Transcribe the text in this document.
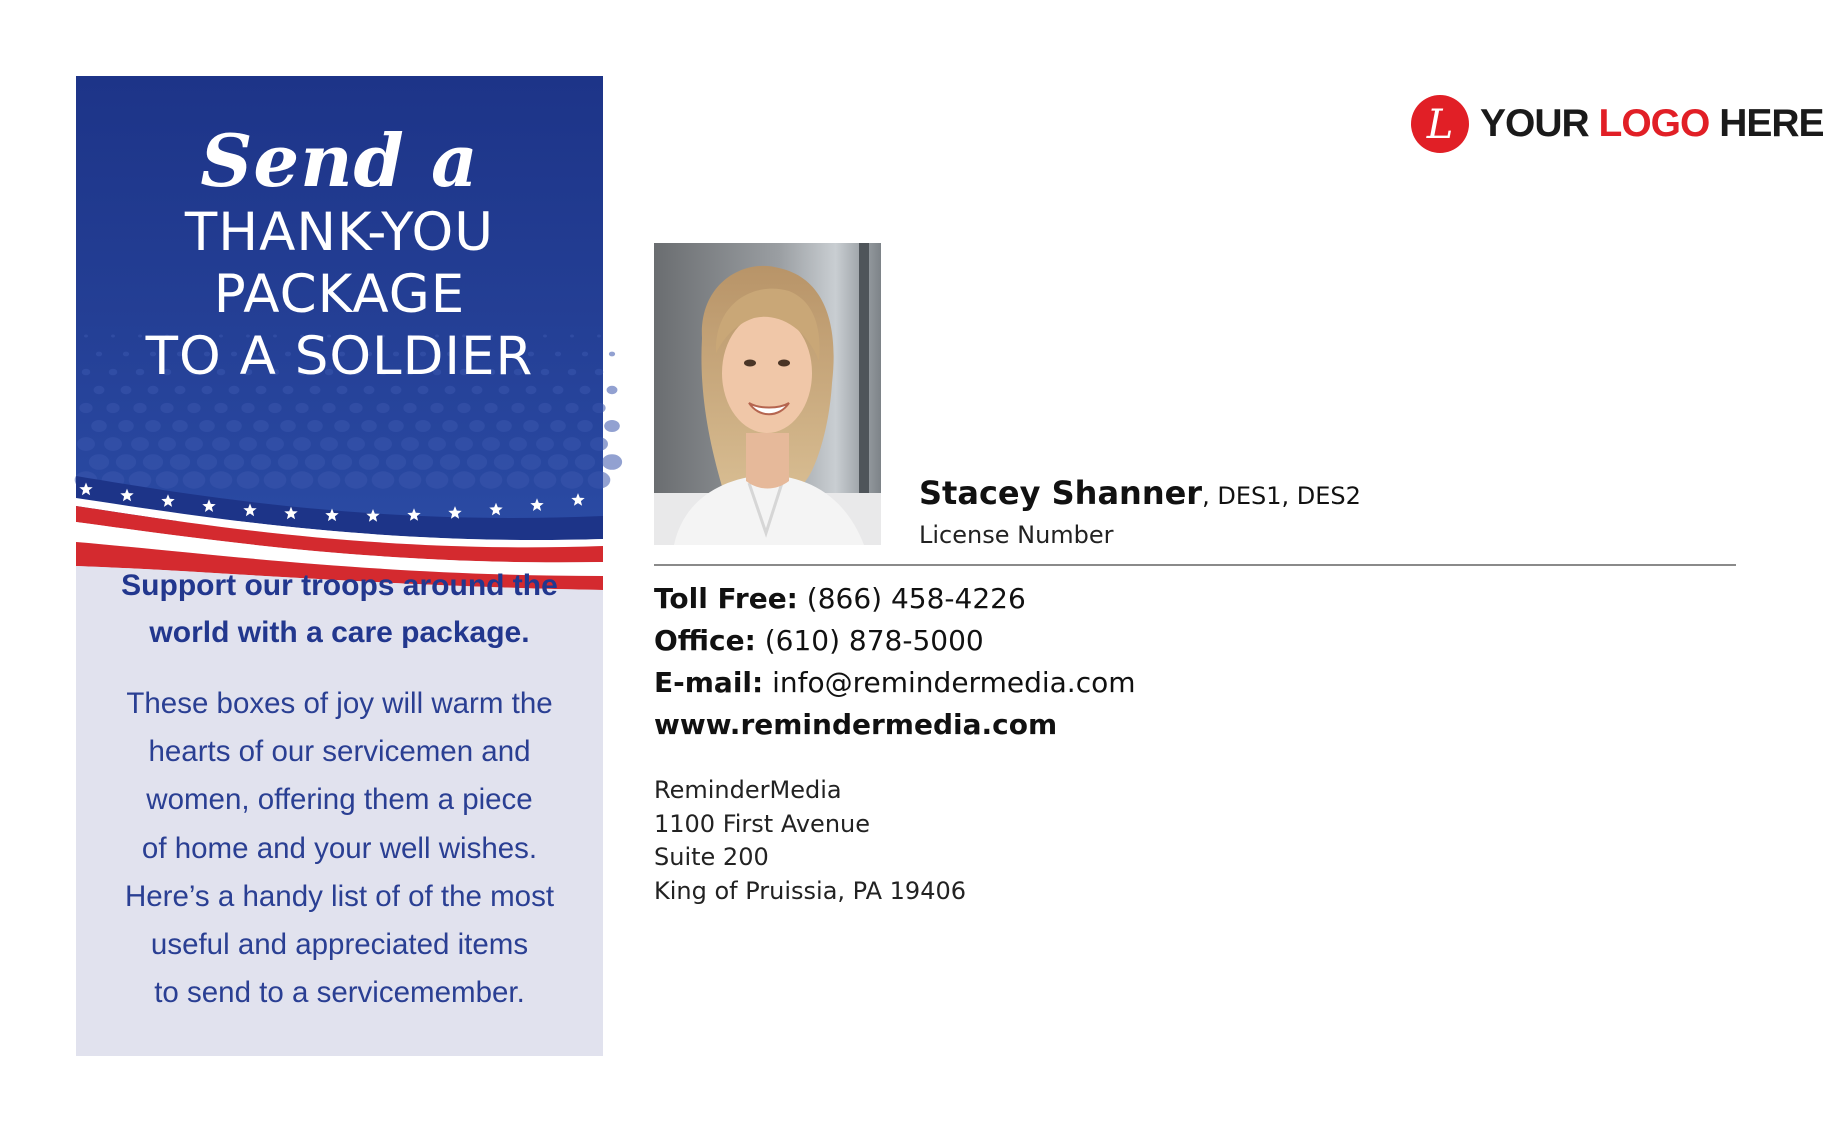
Send a
THANK-YOU
PACKAGE
TO A SOLDIER
Support our troops around the
world with a care package.
These boxes of joy will warm the
hearts of our servicemen and
women, offering them a piece
of home and your well wishes.
Here’s a handy list of of the most
useful and appreciated items
to send to a servicemember.
L YOUR LOGO HERE
Stacey Shanner, DES1, DES2
License Number
Toll Free: (866) 458-4226
Office: (610) 878-5000
E-mail: info@remindermedia.com
www.remindermedia.com
ReminderMedia
1100 First Avenue
Suite 200
King of Pruissia, PA 19406
